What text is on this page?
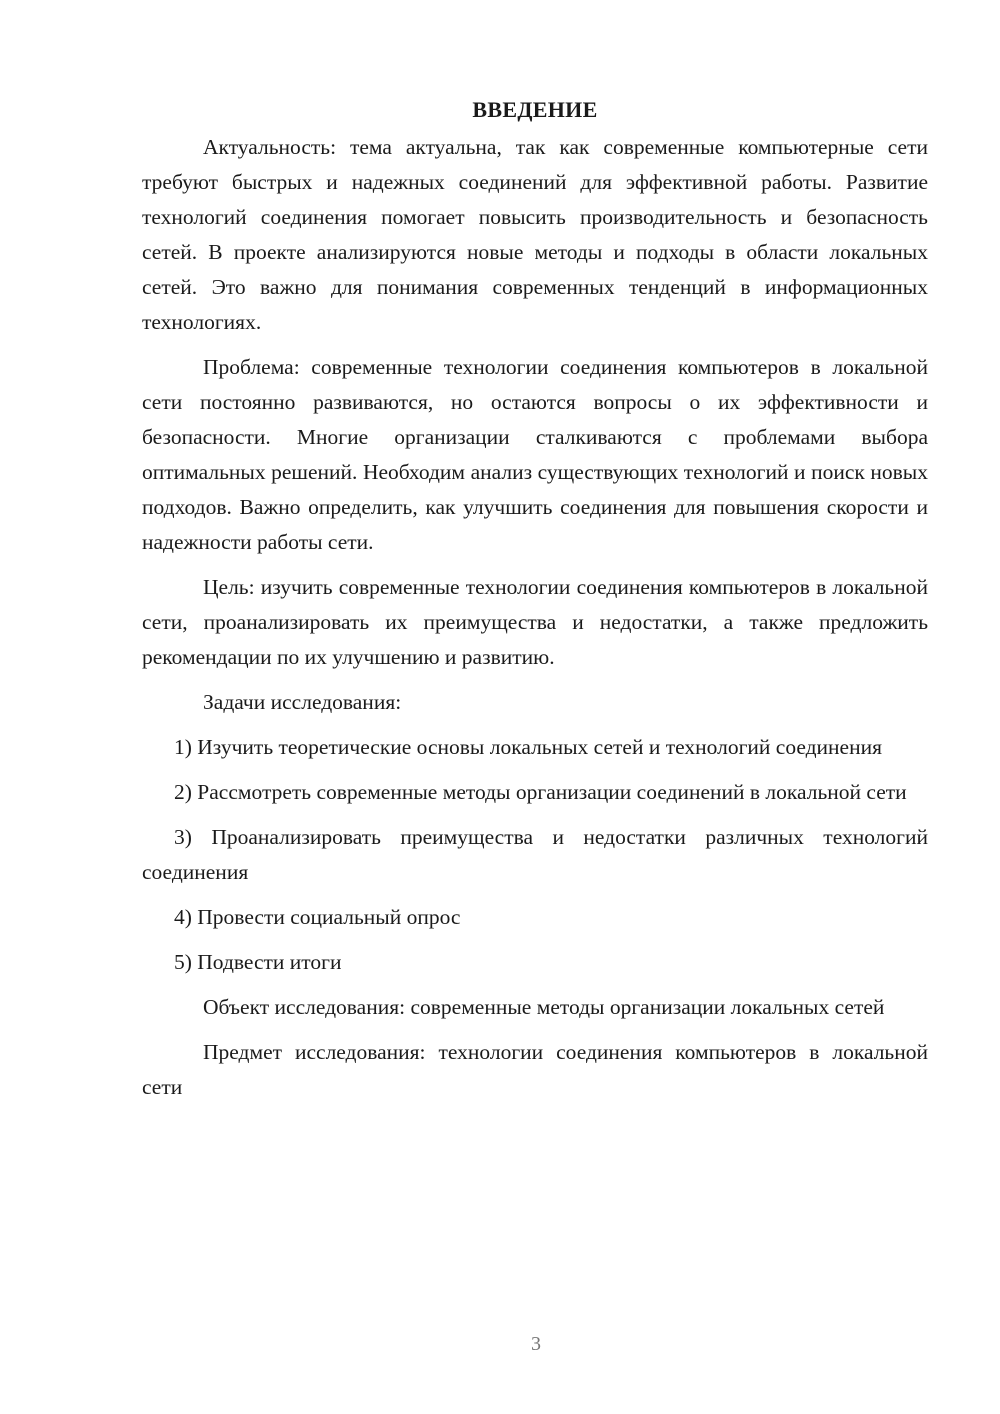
ВВЕДЕНИЕ

Актуальность: тема актуальна, так как современные компьютерные сети требуют быстрых и надежных соединений для эффективной работы. Развитие технологий соединения помогает повысить производительность и безопасность сетей. В проекте анализируются новые методы и подходы в области локальных сетей. Это важно для понимания современных тенденций в информационных технологиях.

Проблема: современные технологии соединения компьютеров в локальной сети постоянно развиваются, но остаются вопросы о их эффективности и безопасности. Многие организации сталкиваются с проблемами выбора оптимальных решений. Необходим анализ существующих технологий и поиск новых подходов. Важно определить, как улучшить соединения для повышения скорости и надежности работы сети.

Цель: изучить современные технологии соединения компьютеров в локальной сети, проанализировать их преимущества и недостатки, а также предложить рекомендации по их улучшению и развитию.

Задачи исследования:

1) Изучить теоретические основы локальных сетей и технологий соединения

2) Рассмотреть современные методы организации соединений в локальной сети

3) Проанализировать преимущества и недостатки различных технологий соединения

4) Провести социальный опрос

5) Подвести итоги

Объект исследования: современные методы организации локальных сетей

Предмет исследования: технологии соединения компьютеров в локальной сети

3
